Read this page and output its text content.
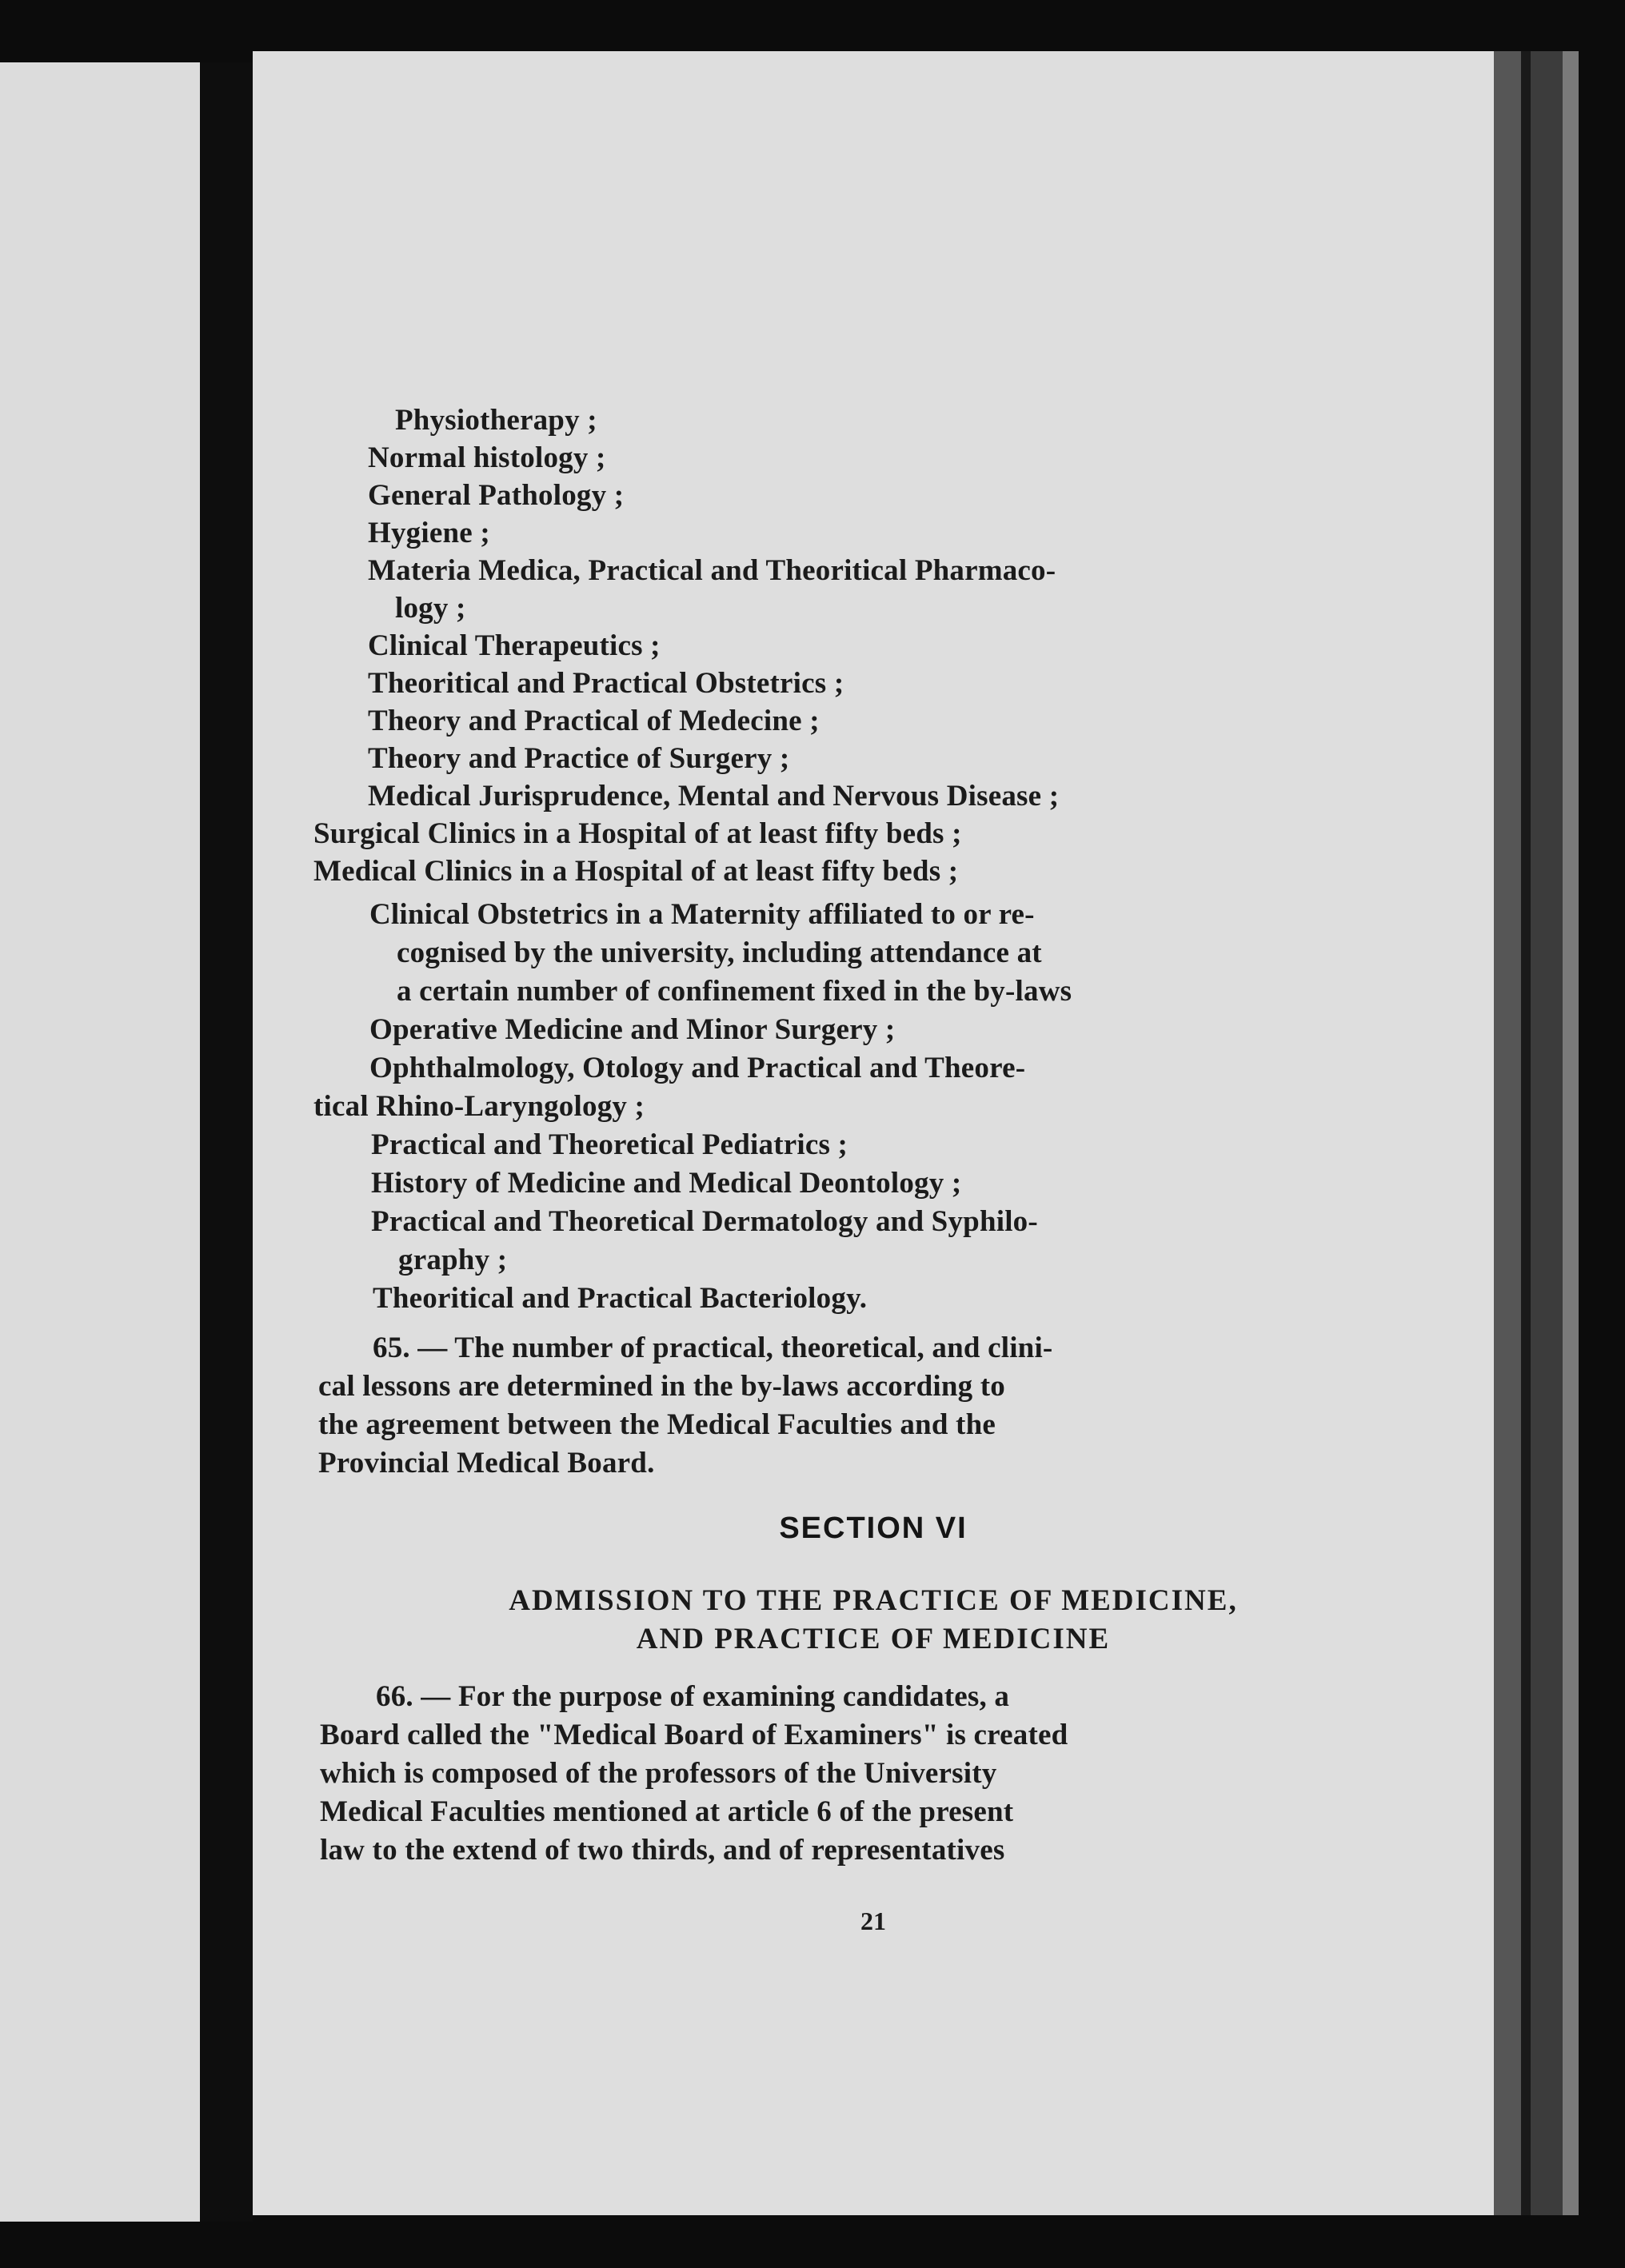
Physiotherapy ;
Normal histology ;
General Pathology ;
Hygiene ;
Materia Medica, Practical and Theoritical Pharmaco-
logy ;
Clinical Therapeutics ;
Theoritical and Practical Obstetrics ;
Theory and Practical of Medecine ;
Theory and Practice of Surgery ;
Medical Jurisprudence, Mental and Nervous Disease ;
Surgical Clinics in a Hospital of at least fifty beds ;
Medical Clinics in a Hospital of at least fifty beds ;
Clinical Obstetrics in a Maternity affiliated to or re-
cognised by the university, including attendance at
a certain number of confinement fixed in the by-laws
Operative Medicine and Minor Surgery ;
Ophthalmology, Otology and Practical and Theore-
tical Rhino-Laryngology ;
Practical and Theoretical Pediatrics ;
History of Medicine and Medical Deontology ;
Practical and Theoretical Dermatology and Syphilo-
graphy ;
Theoritical and Practical Bacteriology.
65. — The number of practical, theoretical, and clini-
cal lessons are determined in the by-laws according to
the agreement between the Medical Faculties and the
Provincial Medical Board.
SECTION VI
ADMISSION TO THE PRACTICE OF MEDICINE,
AND PRACTICE OF MEDICINE
66. — For the purpose of examining candidates, a
Board called the "Medical Board of Examiners" is created
which is composed of the professors of the University
Medical Faculties mentioned at article 6 of the present
law to the extend of two thirds, and of representatives
21
